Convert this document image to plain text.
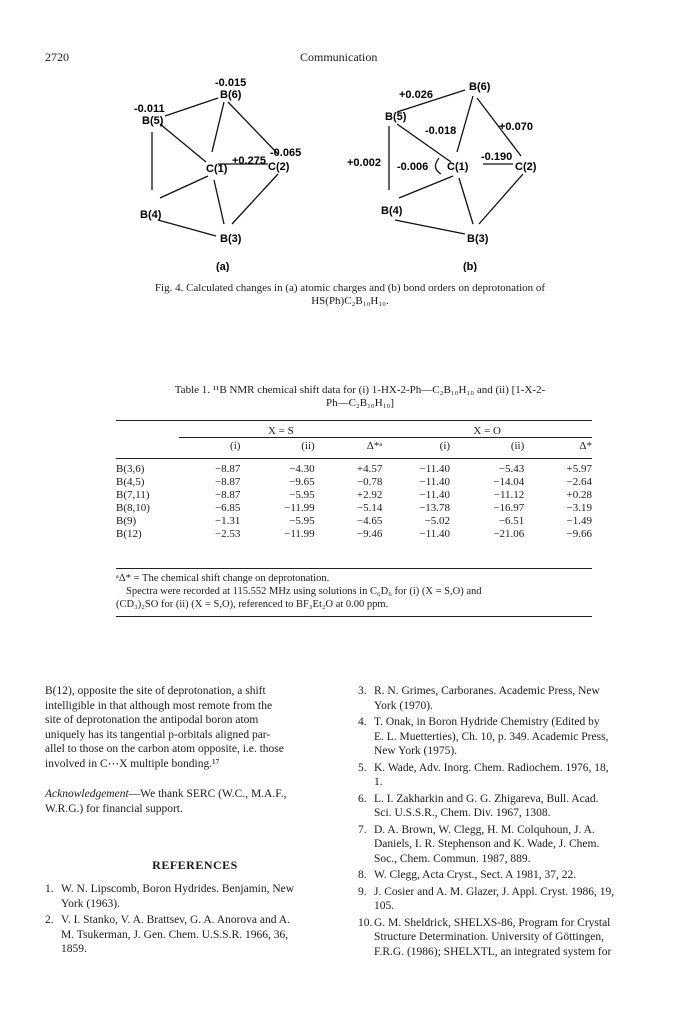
2720	Communication
-0.015
B(6)
-0.011
B(5)
C(1)
+0.275
-0.065
C(2)
B(4)
B(3)
(a)
+0.026
B(6)
B(5)
-0.018	+0.070
+0.002 -0.006 C(1)
-0.190
C(2)
B(4)
B(3)
(b)
Fig. 4. Calculated changes in (a) atomic charges and (b) bond orders on deprotonation of
HS(Ph)C₂B₁₀H₁₀.
Table 1. ¹¹B NMR chemical shift data for (i) 1-HX-2-Ph—C₂B₁₀H₁₀ and (ii) [1-X-2-
Ph—C₂B₁₀H₁₀]
	X = S			X = O		
	(i)	(ii)	Δ*ᵃ	(i)	(ii)	Δ*

B(3,6)	−8.87	−4.30	+4.57	−11.40	−5.43	+5.97
B(4,5)	−8.87	−9.65	−0.78	−11.40	−14.04	−2.64
B(7,11)	−8.87	−5.95	+2.92	−11.40	−11.12	+0.28
B(8,10)	−6.85	−11.99	−5.14	−13.78	−16.97	−3.19
B(9)	−1.31	−5.95	−4.65	−5.02	−6.51	−1.49
B(12)	−2.53	−11.99	−9.46	−11.40	−21.06	−9.66
ᵃΔ* = The chemical shift change on deprotonation.
Spectra were recorded at 115.552 MHz using solutions in C₆D₆ for (i) (X = S,O) and
(CD₃)₂SO for (ii) (X = S,O), referenced to BF₃Et₂O at 0.00 ppm.
B(12), opposite the site of deprotonation, a shift
intelligible in that although most remote from the
site of deprotonation the antipodal boron atom
uniquely has its tangential p-orbitals aligned par-
allel to those on the carbon atom opposite, i.e. those
involved in C⋯X multiple bonding.¹⁷
Acknowledgement—We thank SERC (W.C., M.A.F.,
W.R.G.) for financial support.
REFERENCES
1. W. N. Lipscomb, Boron Hydrides. Benjamin, New
York (1963).
2. V. I. Stanko, V. A. Brattsev, G. A. Anorova and A.
M. Tsukerman, J. Gen. Chem. U.S.S.R. 1966, 36,
1859.
3. R. N. Grimes, Carboranes. Academic Press, New
York (1970).
4. T. Onak, in Boron Hydride Chemistry (Edited by
E. L. Muetterties), Ch. 10, p. 349. Academic Press,
New York (1975).
5. K. Wade, Adv. Inorg. Chem. Radiochem. 1976, 18,
1.
6. L. I. Zakharkin and G. G. Zhigareva, Bull. Acad.
Sci. U.S.S.R., Chem. Div. 1967, 1308.
7. D. A. Brown, W. Clegg, H. M. Colquhoun, J. A.
Daniels, I. R. Stephenson and K. Wade, J. Chem.
Soc., Chem. Commun. 1987, 889.
8. W. Clegg, Acta Cryst., Sect. A 1981, 37, 22.
9. J. Cosier and A. M. Glazer, J. Appl. Cryst. 1986, 19,
105.
10. G. M. Sheldrick, SHELXS-86, Program for Crystal
Structure Determination. University of Göttingen,
F.R.G. (1986); SHELXTL, an integrated system for
